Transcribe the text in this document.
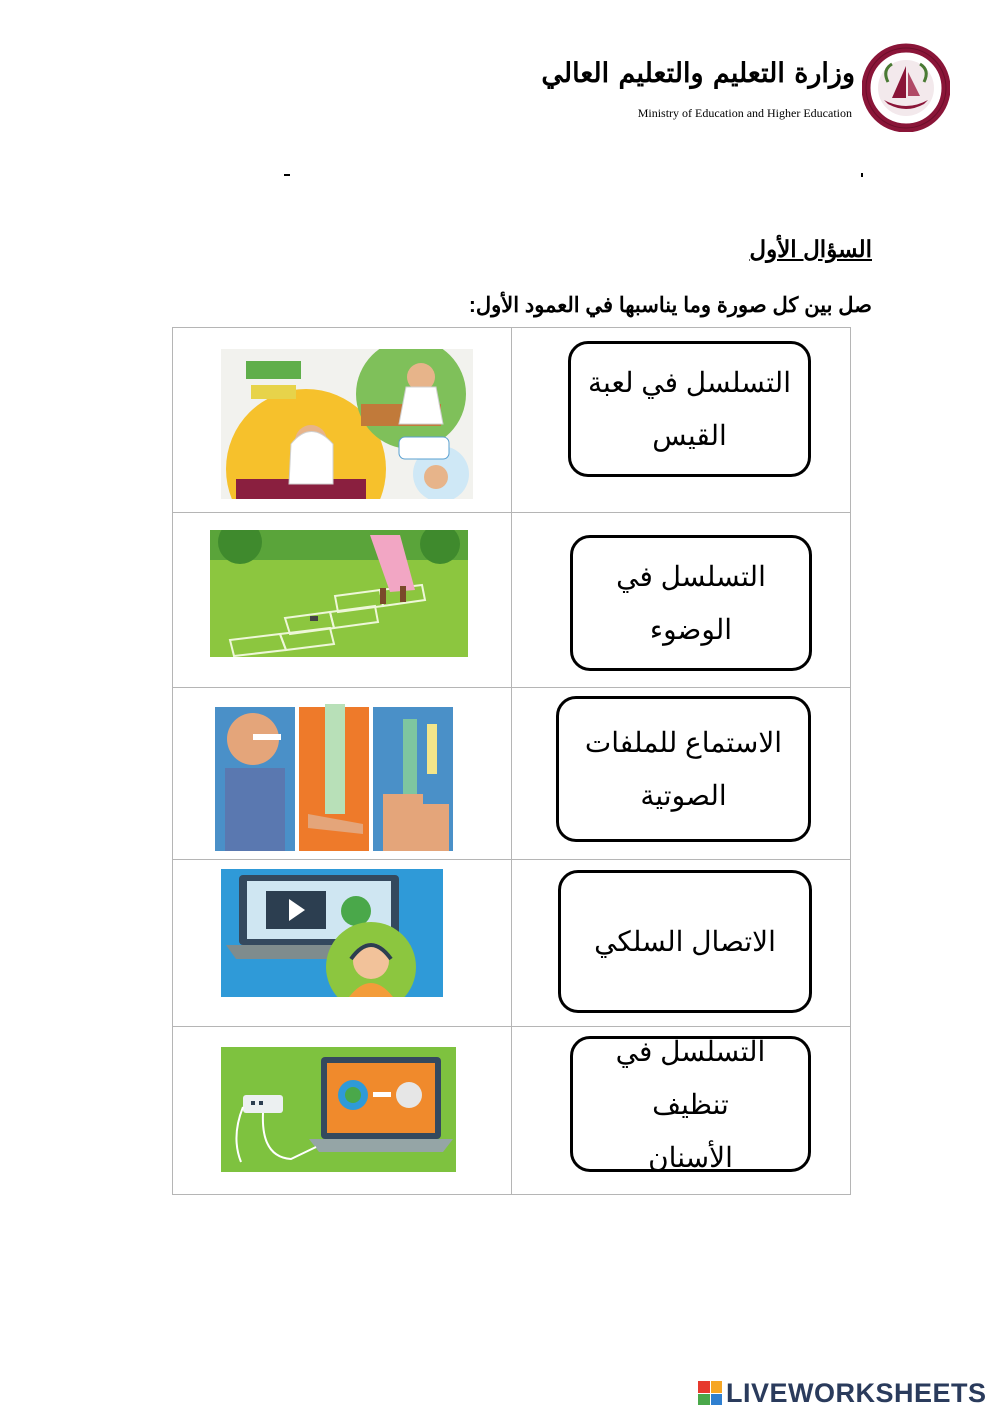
وزارة التعليم والتعليم العالي
Ministry of Education and Higher Education
السؤال الأول
صل بين كل صورة وما يناسبها في العمود الأول:
التسلسل في لعبة
القيس
التسلسل في
الوضوء
الاستماع للملفات
الصوتية
الاتصال السلكي
التسلسل في تنظيف
الأسنان
LIVEWORKSHEETS
